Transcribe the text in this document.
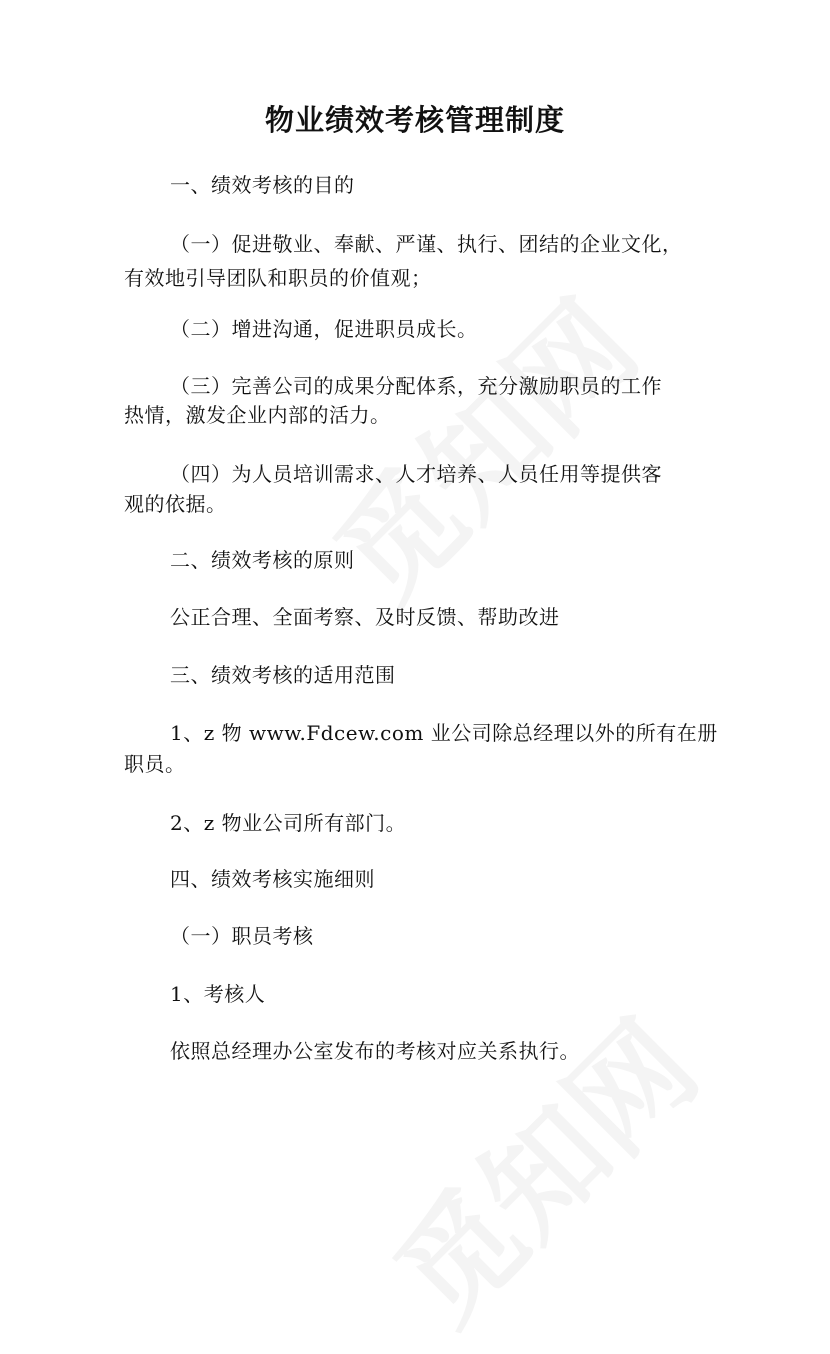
物业绩效考核管理制度
一、绩效考核的目的
（一）促进敬业、奉献、严谨、执行、团结的企业文化，
有效地引导团队和职员的价值观；
（二）增进沟通，促进职员成长。
（三）完善公司的成果分配体系，充分激励职员的工作
热情，激发企业内部的活力。
（四）为人员培训需求、人才培养、人员任用等提供客
观的依据。
二、绩效考核的原则
公正合理、全面考察、及时反馈、帮助改进
三、绩效考核的适用范围
1、z 物 www.Fdcew.com 业公司除总经理以外的所有在册
职员。
2、z 物业公司所有部门。
四、绩效考核实施细则
（一）职员考核
1、考核人
依照总经理办公室发布的考核对应关系执行。
